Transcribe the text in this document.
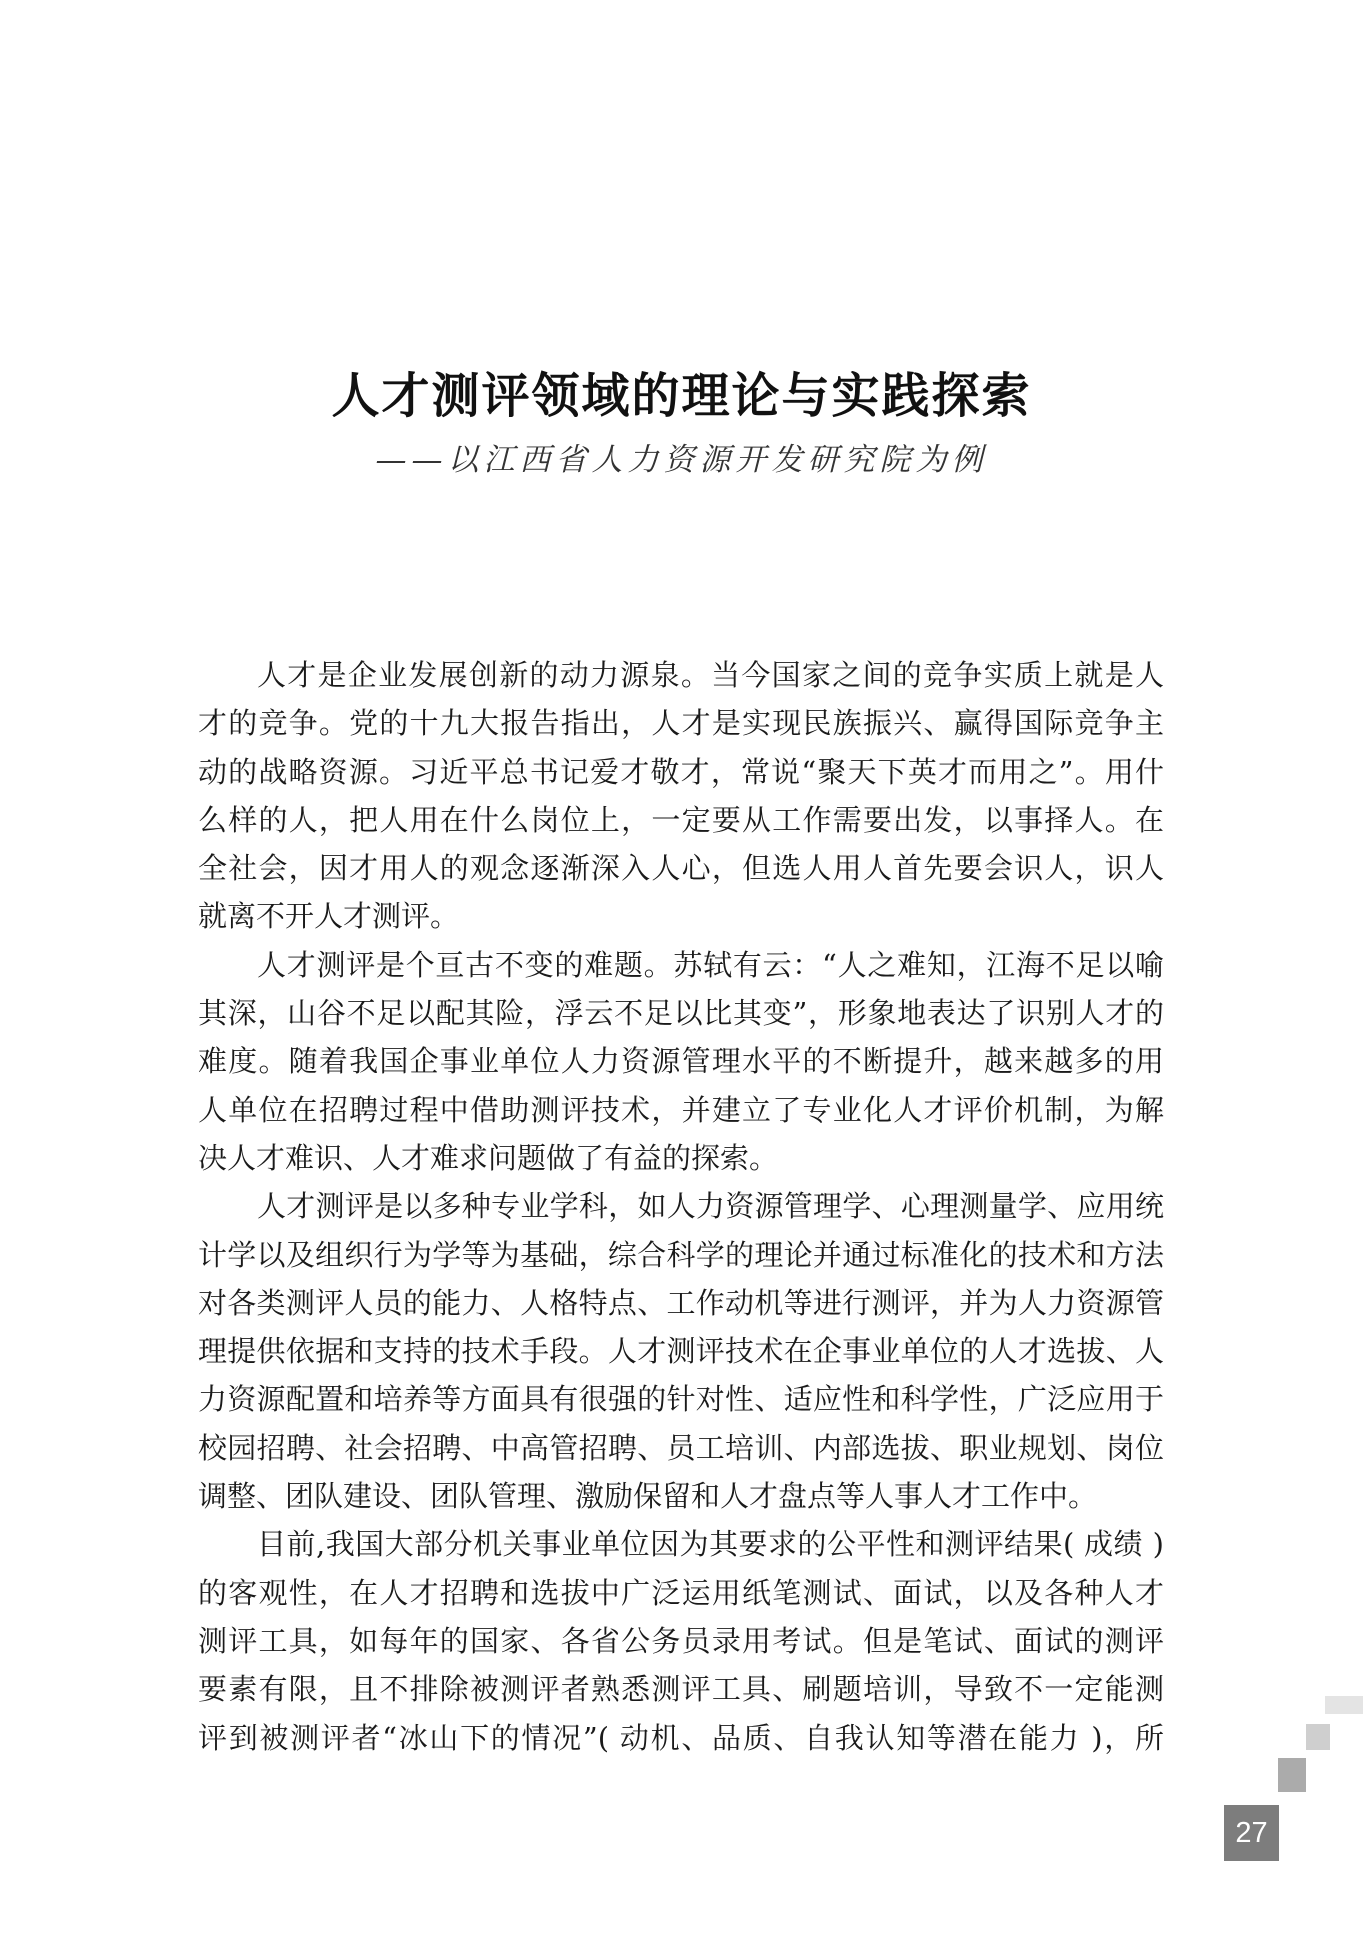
人才测评领域的理论与实践探索
——以江西省人力资源开发研究院为例
人才是企业发展创新的动力源泉。当今国家之间的竞争实质上就是人
才的竞争。党的十九大报告指出，人才是实现民族振兴、赢得国际竞争主
动的战略资源。习近平总书记爱才敬才，常说“聚天下英才而用之”。用什
么样的人，把人用在什么岗位上，一定要从工作需要出发，以事择人。在
全社会，因才用人的观念逐渐深入人心，但选人用人首先要会识人，识人
就离不开人才测评。
人才测评是个亘古不变的难题。苏轼有云：“人之难知，江海不足以喻
其深，山谷不足以配其险，浮云不足以比其变”，形象地表达了识别人才的
难度。随着我国企事业单位人力资源管理水平的不断提升，越来越多的用
人单位在招聘过程中借助测评技术，并建立了专业化人才评价机制，为解
决人才难识、人才难求问题做了有益的探索。
人才测评是以多种专业学科，如人力资源管理学、心理测量学、应用统
计学以及组织行为学等为基础，综合科学的理论并通过标准化的技术和方法
对各类测评人员的能力、人格特点、工作动机等进行测评，并为人力资源管
理提供依据和支持的技术手段。人才测评技术在企事业单位的人才选拔、人
力资源配置和培养等方面具有很强的针对性、适应性和科学性，广泛应用于
校园招聘、社会招聘、中高管招聘、员工培训、内部选拔、职业规划、岗位
调整、团队建设、团队管理、激励保留和人才盘点等人事人才工作中。
目前,我国大部分机关事业单位因为其要求的公平性和测评结果( 成绩 )
的客观性，在人才招聘和选拔中广泛运用纸笔测试、面试，以及各种人才
测评工具，如每年的国家、各省公务员录用考试。但是笔试、面试的测评
要素有限，且不排除被测评者熟悉测评工具、刷题培训，导致不一定能测
评到被测评者“冰山下的情况”( 动机、品质、自我认知等潜在能力 )，所
27
